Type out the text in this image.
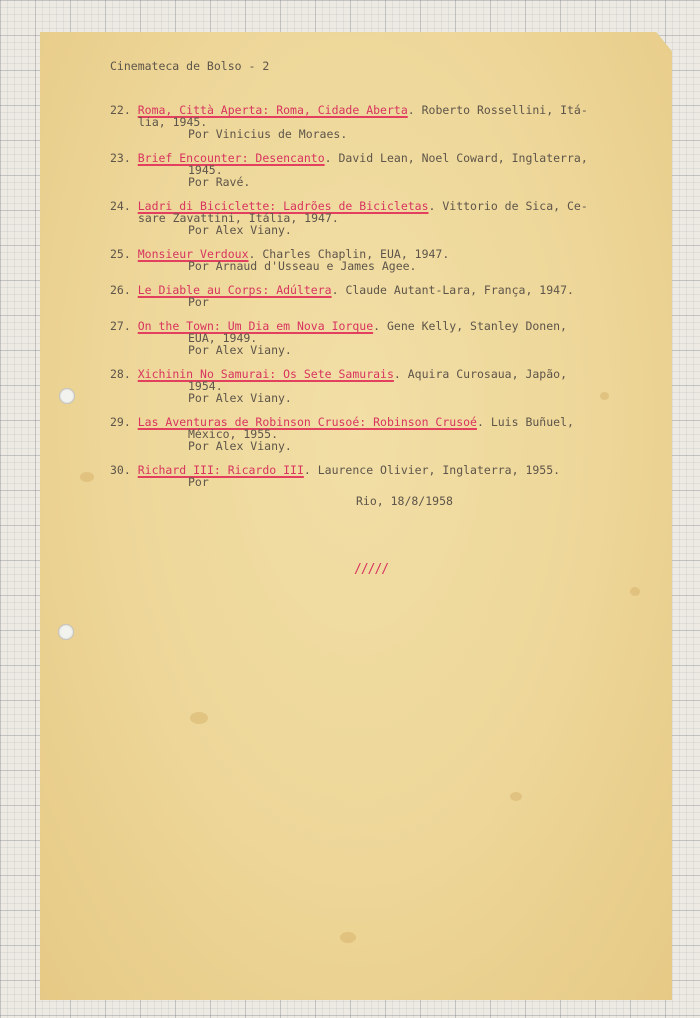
Cinemateca de Bolso - 2
22. Roma, Città Aperta: Roma, Cidade Aberta. Roberto Rossellini, Itá-
lia, 1945.
Por Vinicius de Moraes.
23. Brief Encounter: Desencanto. David Lean, Noel Coward, Inglaterra,
1945.
Por Ravé.
24. Ladri di Biciclette: Ladrões de Bicicletas. Vittorio de Sica, Ce-
sare Zavattini, Itália, 1947.
Por Alex Viany.
25. Monsieur Verdoux. Charles Chaplin, EUA, 1947.
Por Arnaud d'Usseau e James Agee.
26. Le Diable au Corps: Adúltera. Claude Autant-Lara, França, 1947.
Por
27. On the Town: Um Dia em Nova Iorque. Gene Kelly, Stanley Donen,
EUA, 1949.
Por Alex Viany.
28. Xichinin No Samurai: Os Sete Samurais. Aquira Curosaua, Japão,
1954.
Por Alex Viany.
29. Las Aventuras de Robinson Crusoé: Robinson Crusoé. Luis Buñuel,
México, 1955.
Por Alex Viany.
30. Richard III: Ricardo III. Laurence Olivier, Inglaterra, 1955.
Por
Rio, 18/8/1958
/////
